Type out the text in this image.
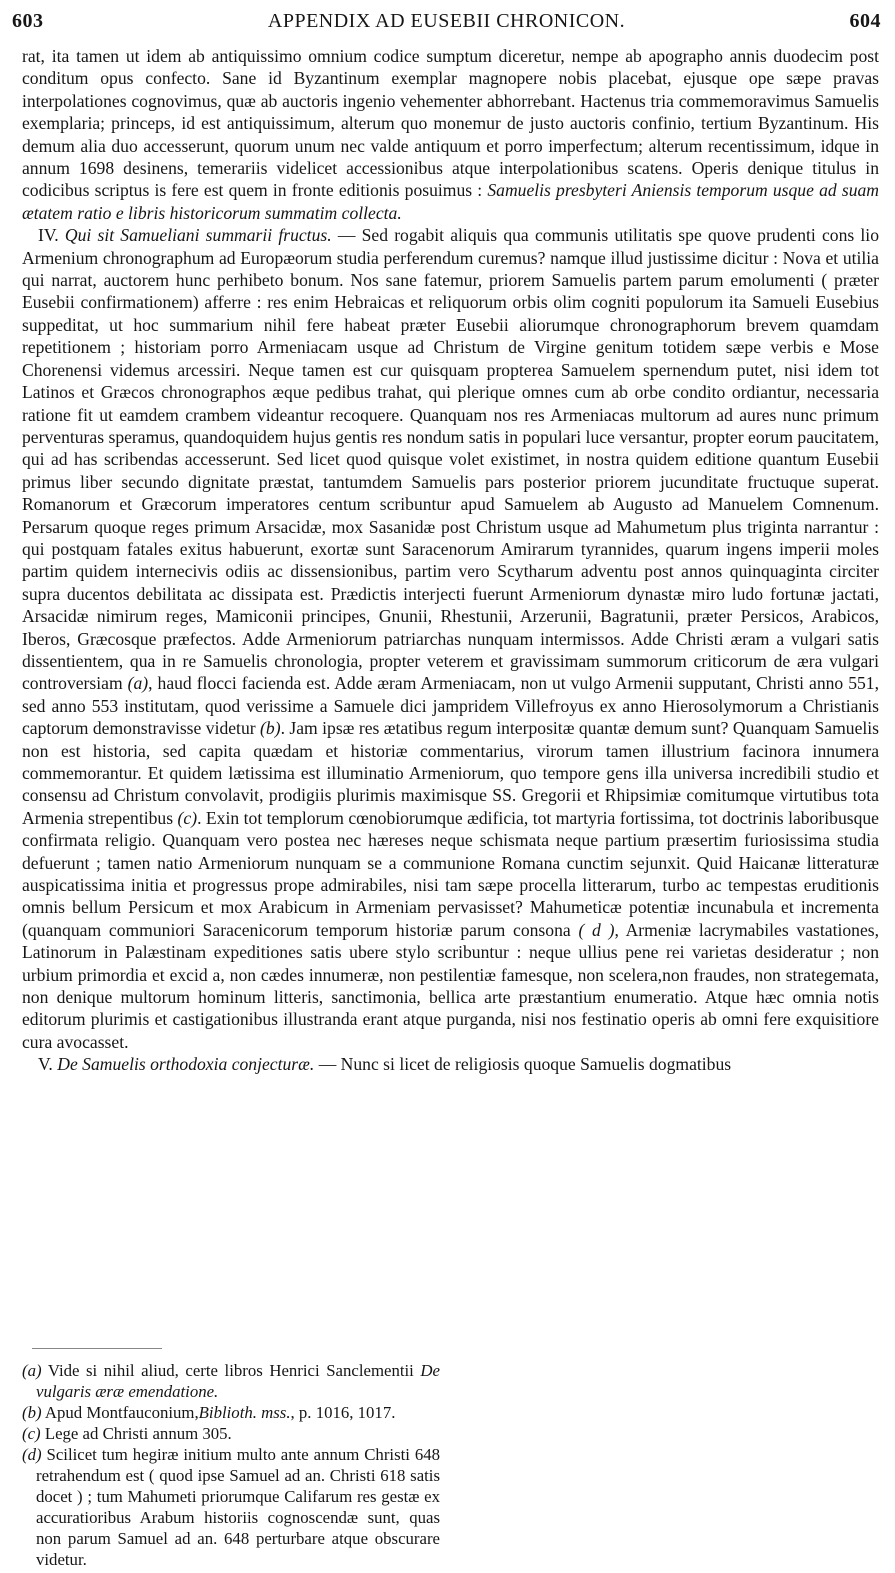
603	APPENDIX AD EUSEBII CHRONICON.	604

rat, ita tamen ut idem ab antiquissimo omnium codice sumptum diceretur, nempe ab apographo annis duodecim post conditum opus confecto. Sane id Byzantinum exemplar magnopere nobis placebat, ejusque ope sæpe pravas interpolationes cognovimus, quæ ab auctoris ingenio vehementer abhorrebant. Hactenus tria commemoravimus Samuelis exemplaria; princeps, id est antiquissimum, alterum quo monemur de justo auctoris confinio, tertium Byzantinum. His demum alia duo accesserunt, quorum unum nec valde antiquum et porro imperfectum; alterum recentissimum, idque in annum 1698 desinens, temerariis videlicet accessionibus atque interpolationibus scatens. Operis denique titulus in codicibus scriptus is fere est quem in fronte editionis posuimus : Samuelis presbyteri Aniensis temporum usque ad suam ætatem ratio e libris historicorum summatim collecta.

IV. Qui sit Samueliani summarii fructus. — Sed rogabit aliquis qua communis utilitatis spe quove prudenti cons lio Armenium chronographum ad Europæorum studia perferendum curemus? namque illud justissime dicitur : Nova et utilia qui narrat, auctorem hunc perhibeto bonum. Nos sane fatemur, priorem Samuelis partem parum emolumenti ( præter Eusebii confirmationem) afferre : res enim Hebraicas et reliquorum orbis olim cogniti populorum ita Samueli Eusebius suppeditat, ut hoc summarium nihil fere habeat præter Eusebii aliorumque chronographorum brevem quamdam repetitionem ; historiam porro Armeniacam usque ad Christum de Virgine genitum totidem sæpe verbis e Mose Chorenensi videmus arcessiri. Neque tamen est cur quisquam propterea Samuelem spernendum putet, nisi idem tot Latinos et Græcos chronographos æque pedibus trahat, qui plerique omnes cum ab orbe condito ordiantur, necessaria ratione fit ut eamdem crambem videantur recoquere. Quanquam nos res Armeniacas multorum ad aures nunc primum perventuras speramus, quandoquidem hujus gentis res nondum satis in populari luce versantur, propter eorum paucitatem, qui ad has scribendas accesserunt. Sed licet quod quisque volet existimet, in nostra quidem editione quantum Eusebii primus liber secundo dignitate præstat, tantumdem Samuelis pars posterior priorem jucunditate fructuque superat. Romanorum et Græcorum imperatores centum scribuntur apud Samuelem ab Augusto ad Manuelem Comnenum. Persarum quoque reges primum Arsacidæ, mox Sasanidæ post Christum usque ad Mahumetum plus triginta narrantur : qui postquam fatales exitus habuerunt, exortæ sunt Saracenorum Amirarum tyrannides, quarum ingens imperii moles partim quidem internecivis odiis ac dissensionibus, partim vero Scytharum adventu post annos quinquaginta circiter supra ducentos debilitata ac dissipata est. Prædictis interjecti fuerunt Armeniorum dynastæ miro ludo fortunæ jactati, Arsacidæ nimirum reges, Mamiconii principes, Gnunii, Rhestunii, Arzerunii, Bagratunii, præter Persicos, Arabicos, Iberos, Græcosque præfectos. Adde Armeniorum patriarchas nunquam intermissos. Adde Christi æram a vulgari satis dissentientem, qua in re Samuelis chronologia, propter veterem et gravissimam summorum criticorum de æra vulgari controversiam (a), haud flocci facienda est. Adde æram Armeniacam, non ut vulgo Armenii supputant, Christi anno 551, sed anno 553 institutam, quod verissime a Samuele dici jampridem Villefroyus ex anno Hierosolymorum a Christianis captorum demonstravisse videtur (b). Jam ipsæ res ætatibus regum interpositæ quantæ demum sunt? Quanquam Samuelis non est historia, sed capita quædam et historiæ commentarius, virorum tamen illustrium facinora innumera commemorantur. Et quidem lætissima est illuminatio Armeniorum, quo tempore gens illa universa incredibili studio et consensu ad Christum convolavit, prodigiis plurimis maximisque SS. Gregorii et Rhipsimiæ comitumque virtutibus tota Armenia strepentibus (c). Exin tot templorum cœnobiorumque ædificia, tot martyria fortissima, tot doctrinis laboribusque confirmata religio. Quanquam vero postea nec hæreses neque schismata neque partium præsertim furiosissima studia defuerunt ; tamen natio Armeniorum nunquam se a communione Romana cunctim sejunxit. Quid Haicanæ litteraturæ auspicatissima initia et progressus prope admirabiles, nisi tam sæpe procella litterarum, turbo ac tempestas eruditionis omnis bellum Persicum et mox Arabicum in Armeniam pervasisset? Mahumeticæ potentiæ incunabula et incrementa (quanquam communiori Saracenicorum temporum historiæ parum consona ( d ), Armeniæ lacrymabiles vastationes, Latinorum in Palæstinam expeditiones satis ubere stylo scribuntur : neque ullius pene rei varietas desideratur ; non urbium primordia et excid a, non cædes innumeræ, non pestilentiæ famesque, non scelera,non fraudes, non strategemata, non denique multorum hominum litteris, sanctimonia, bellica arte præstantium enumeratio. Atque hæc omnia notis editorum plurimis et castigationibus illustranda erant atque purganda, nisi nos festinatio operis ab omni fere exquisitiore cura avocasset.

V. De Samuelis orthodoxia conjecturæ. — Nunc si licet de religiosis quoque Samuelis dogmatibus

(a) Vide si nihil aliud, certe libros Henrici Sanclementii De vulgaris æræ emendatione.

(b) Apud Montfauconium,Biblioth. mss., p. 1016, 1017.

(c) Lege ad Christi annum 305.

(d) Scilicet tum hegiræ initium multo ante annum Christi 648 retrahendum est ( quod ipse Samuel ad an. Christi 618 satis docet ) ; tum Mahumeti priorumque Califarum res gestæ ex accuratioribus Arabum historiis cognoscendæ sunt, quas non parum Samuel ad an. 648 perturbare atque obscurare videtur.
